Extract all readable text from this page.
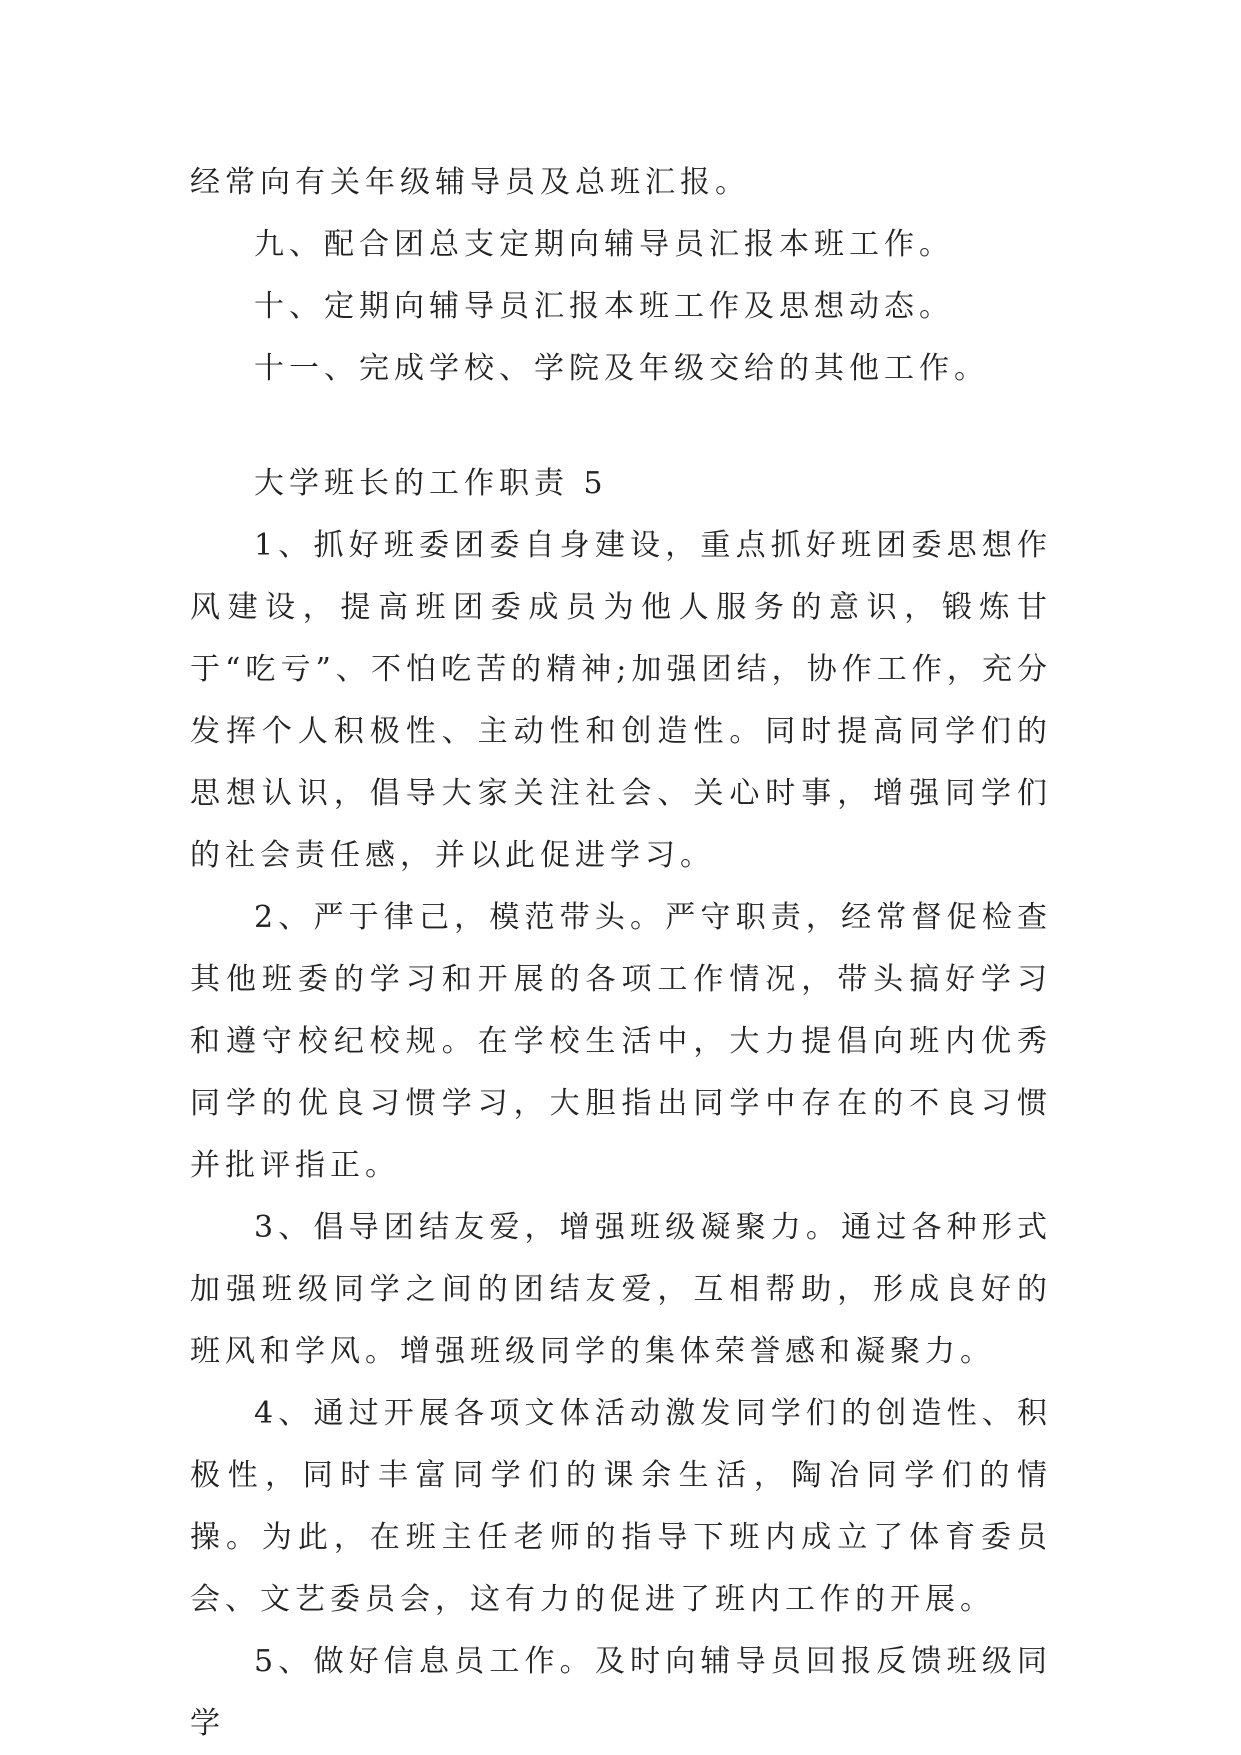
经常向有关年级辅导员及总班汇报。

九、配合团总支定期向辅导员汇报本班工作。

十、定期向辅导员汇报本班工作及思想动态。

十一、完成学校、学院及年级交给的其他工作。

大学班长的工作职责 5

1、抓好班委团委自身建设，重点抓好班团委思想作风建设，提高班团委成员为他人服务的意识，锻炼甘于“吃亏”、不怕吃苦的精神;加强团结，协作工作，充分发挥个人积极性、主动性和创造性。同时提高同学们的思想认识，倡导大家关注社会、关心时事，增强同学们的社会责任感，并以此促进学习。

2、严于律己，模范带头。严守职责，经常督促检查其他班委的学习和开展的各项工作情况，带头搞好学习和遵守校纪校规。在学校生活中，大力提倡向班内优秀同学的优良习惯学习，大胆指出同学中存在的不良习惯并批评指正。

3、倡导团结友爱，增强班级凝聚力。通过各种形式加强班级同学之间的团结友爱，互相帮助，形成良好的班风和学风。增强班级同学的集体荣誉感和凝聚力。

4、通过开展各项文体活动激发同学们的创造性、积极性，同时丰富同学们的课余生活，陶冶同学们的情操。为此，在班主任老师的指导下班内成立了体育委员会、文艺委员会，这有力的促进了班内工作的开展。

5、做好信息员工作。及时向辅导员回报反馈班级同学
